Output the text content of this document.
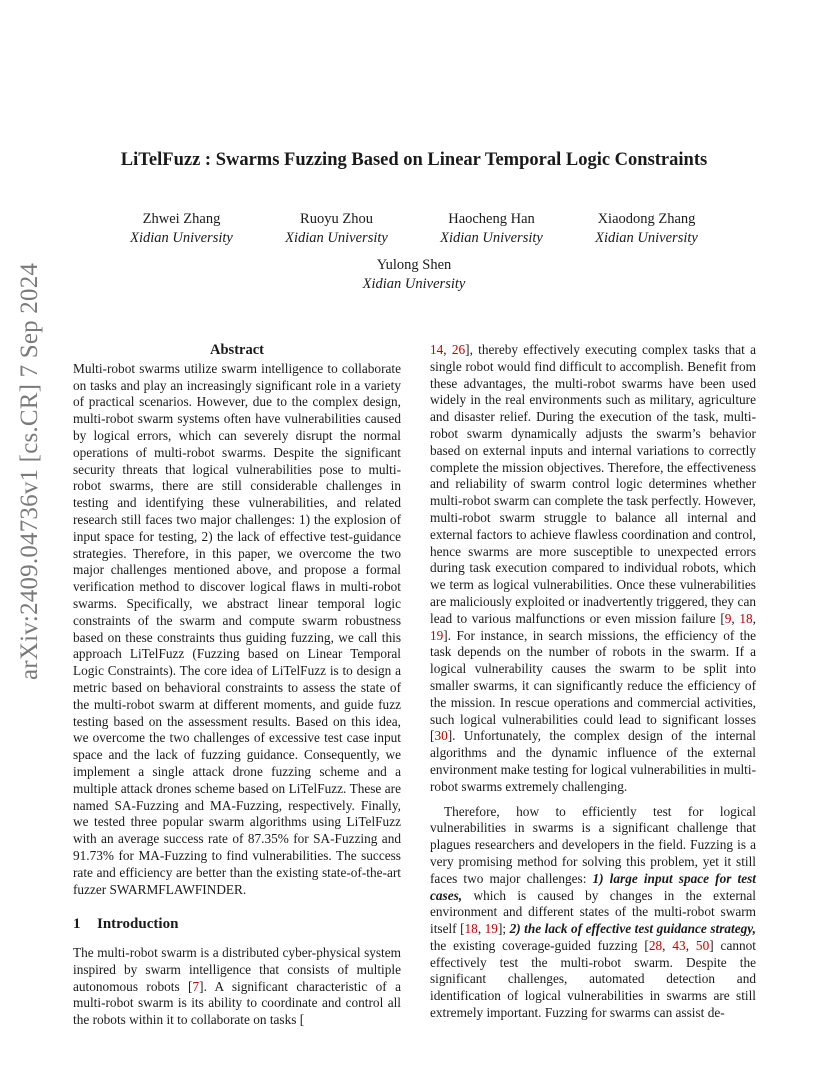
arXiv:2409.04736v1 [cs.CR] 7 Sep 2024
LiTelFuzz : Swarms Fuzzing Based on Linear Temporal Logic Constraints
Zhwei Zhang
Xidian University
Ruoyu Zhou
Xidian University
Haocheng Han
Xidian University
Xiaodong Zhang
Xidian University
Yulong Shen
Xidian University
Abstract

Multi-robot swarms utilize swarm intelligence to collaborate on tasks and play an increasingly significant role in a variety of practical scenarios. However, due to the complex design, multi-robot swarm systems often have vulnerabilities caused by logical errors, which can severely disrupt the normal operations of multi-robot swarms. Despite the significant security threats that logical vulnerabilities pose to multi-robot swarms, there are still considerable challenges in testing and identifying these vulnerabilities, and related research still faces two major challenges: 1) the explosion of input space for testing, 2) the lack of effective test-guidance strategies. Therefore, in this paper, we overcome the two major challenges mentioned above, and propose a formal verification method to discover logical flaws in multi-robot swarms. Specifically, we abstract linear temporal logic constraints of the swarm and compute swarm robustness based on these constraints thus guiding fuzzing, we call this approach LiTelFuzz (Fuzzing based on Linear Temporal Logic Constraints). The core idea of LiTelFuzz is to design a metric based on behavioral constraints to assess the state of the multi-robot swarm at different moments, and guide fuzz testing based on the assessment results. Based on this idea, we overcome the two challenges of excessive test case input space and the lack of fuzzing guidance. Consequently, we implement a single attack drone fuzzing scheme and a multiple attack drones scheme based on LiTelFuzz. These are named SA-Fuzzing and MA-Fuzzing, respectively. Finally, we tested three popular swarm algorithms using LiTelFuzz with an average success rate of 87.35% for SA-Fuzzing and 91.73% for MA-Fuzzing to find vulnerabilities. The success rate and efficiency are better than the existing state-of-the-art fuzzer SWARMFLAWFINDER.

1 Introduction

The multi-robot swarm is a distributed cyber-physical system inspired by swarm intelligence that consists of multiple autonomous robots [7]. A significant characteristic of a multi-robot swarm is its ability to coordinate and control all the robots within it to collaborate on tasks [

14, 26], thereby effectively executing complex tasks that a single robot would find difficult to accomplish. Benefit from these advantages, the multi-robot swarms have been used widely in the real environments such as military, agriculture and disaster relief. During the execution of the task, multi-robot swarm dynamically adjusts the swarm’s behavior based on external inputs and internal variations to correctly complete the mission objectives. Therefore, the effectiveness and reliability of swarm control logic determines whether multi-robot swarm can complete the task perfectly. However, multi-robot swarm struggle to balance all internal and external factors to achieve flawless coordination and control, hence swarms are more susceptible to unexpected errors during task execution compared to individual robots, which we term as logical vulnerabilities. Once these vulnerabilities are maliciously exploited or inadvertently triggered, they can lead to various malfunctions or even mission failure [9, 18, 19]. For instance, in search missions, the efficiency of the task depends on the number of robots in the swarm. If a logical vulnerability causes the swarm to be split into smaller swarms, it can significantly reduce the efficiency of the mission. In rescue operations and commercial activities, such logical vulnerabilities could lead to significant losses [30]. Unfortunately, the complex design of the internal algorithms and the dynamic influence of the external environment make testing for logical vulnerabilities in multi-robot swarms extremely challenging.

Therefore, how to efficiently test for logical vulnerabilities in swarms is a significant challenge that plagues researchers and developers in the field. Fuzzing is a very promising method for solving this problem, yet it still faces two major challenges: 1) large input space for test cases, which is caused by changes in the external environment and different states of the multi-robot swarm itself [18, 19]; 2) the lack of effective test guidance strategy, the existing coverage-guided fuzzing [28, 43, 50] cannot effectively test the multi-robot swarm. Despite the significant challenges, automated detection and identification of logical vulnerabilities in swarms are still extremely important. Fuzzing for swarms can assist de-
